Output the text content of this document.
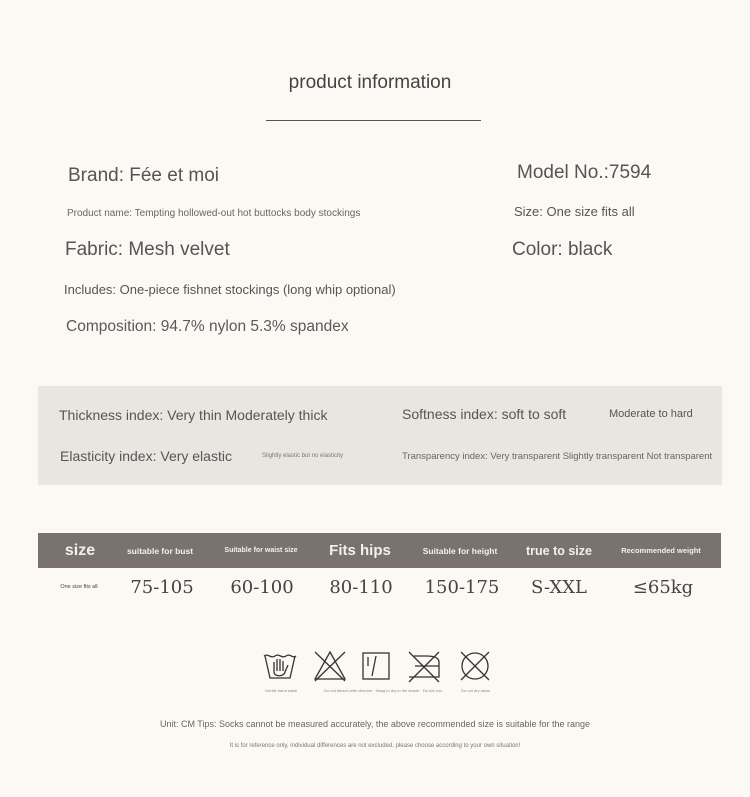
product information
Brand: Fée et moi	Model No.:7594
Product name: Tempting hollowed-out hot buttocks body stockings	Size: One size fits all
Fabric: Mesh velvet	Color: black
Includes: One-piece fishnet stockings (long whip optional)
Composition: 94.7% nylon 5.3% spandex
Thickness index: Very thin Moderately thick	Softness index: soft to soft	Moderate to hard
Elasticity index: Very elastic	Slightly elastic but no elasticity	Transparency index: Very transparent Slightly transparent Not transparent
size	suitable for bust	Suitable for waist size	Fits hips	Suitable for height	true to size	Recommended weight
One size fits all	75-105	60-100	80-110	150-175	S-XXL	≤65kg
Gentle hand wash	Do not bleach with chlorine · Hang to dry in the shade · Do not iron	Do not dry clean
Unit: CM Tips: Socks cannot be measured accurately, the above recommended size is suitable for the range
It is for reference only, individual differences are not excluded, please choose according to your own situation!
